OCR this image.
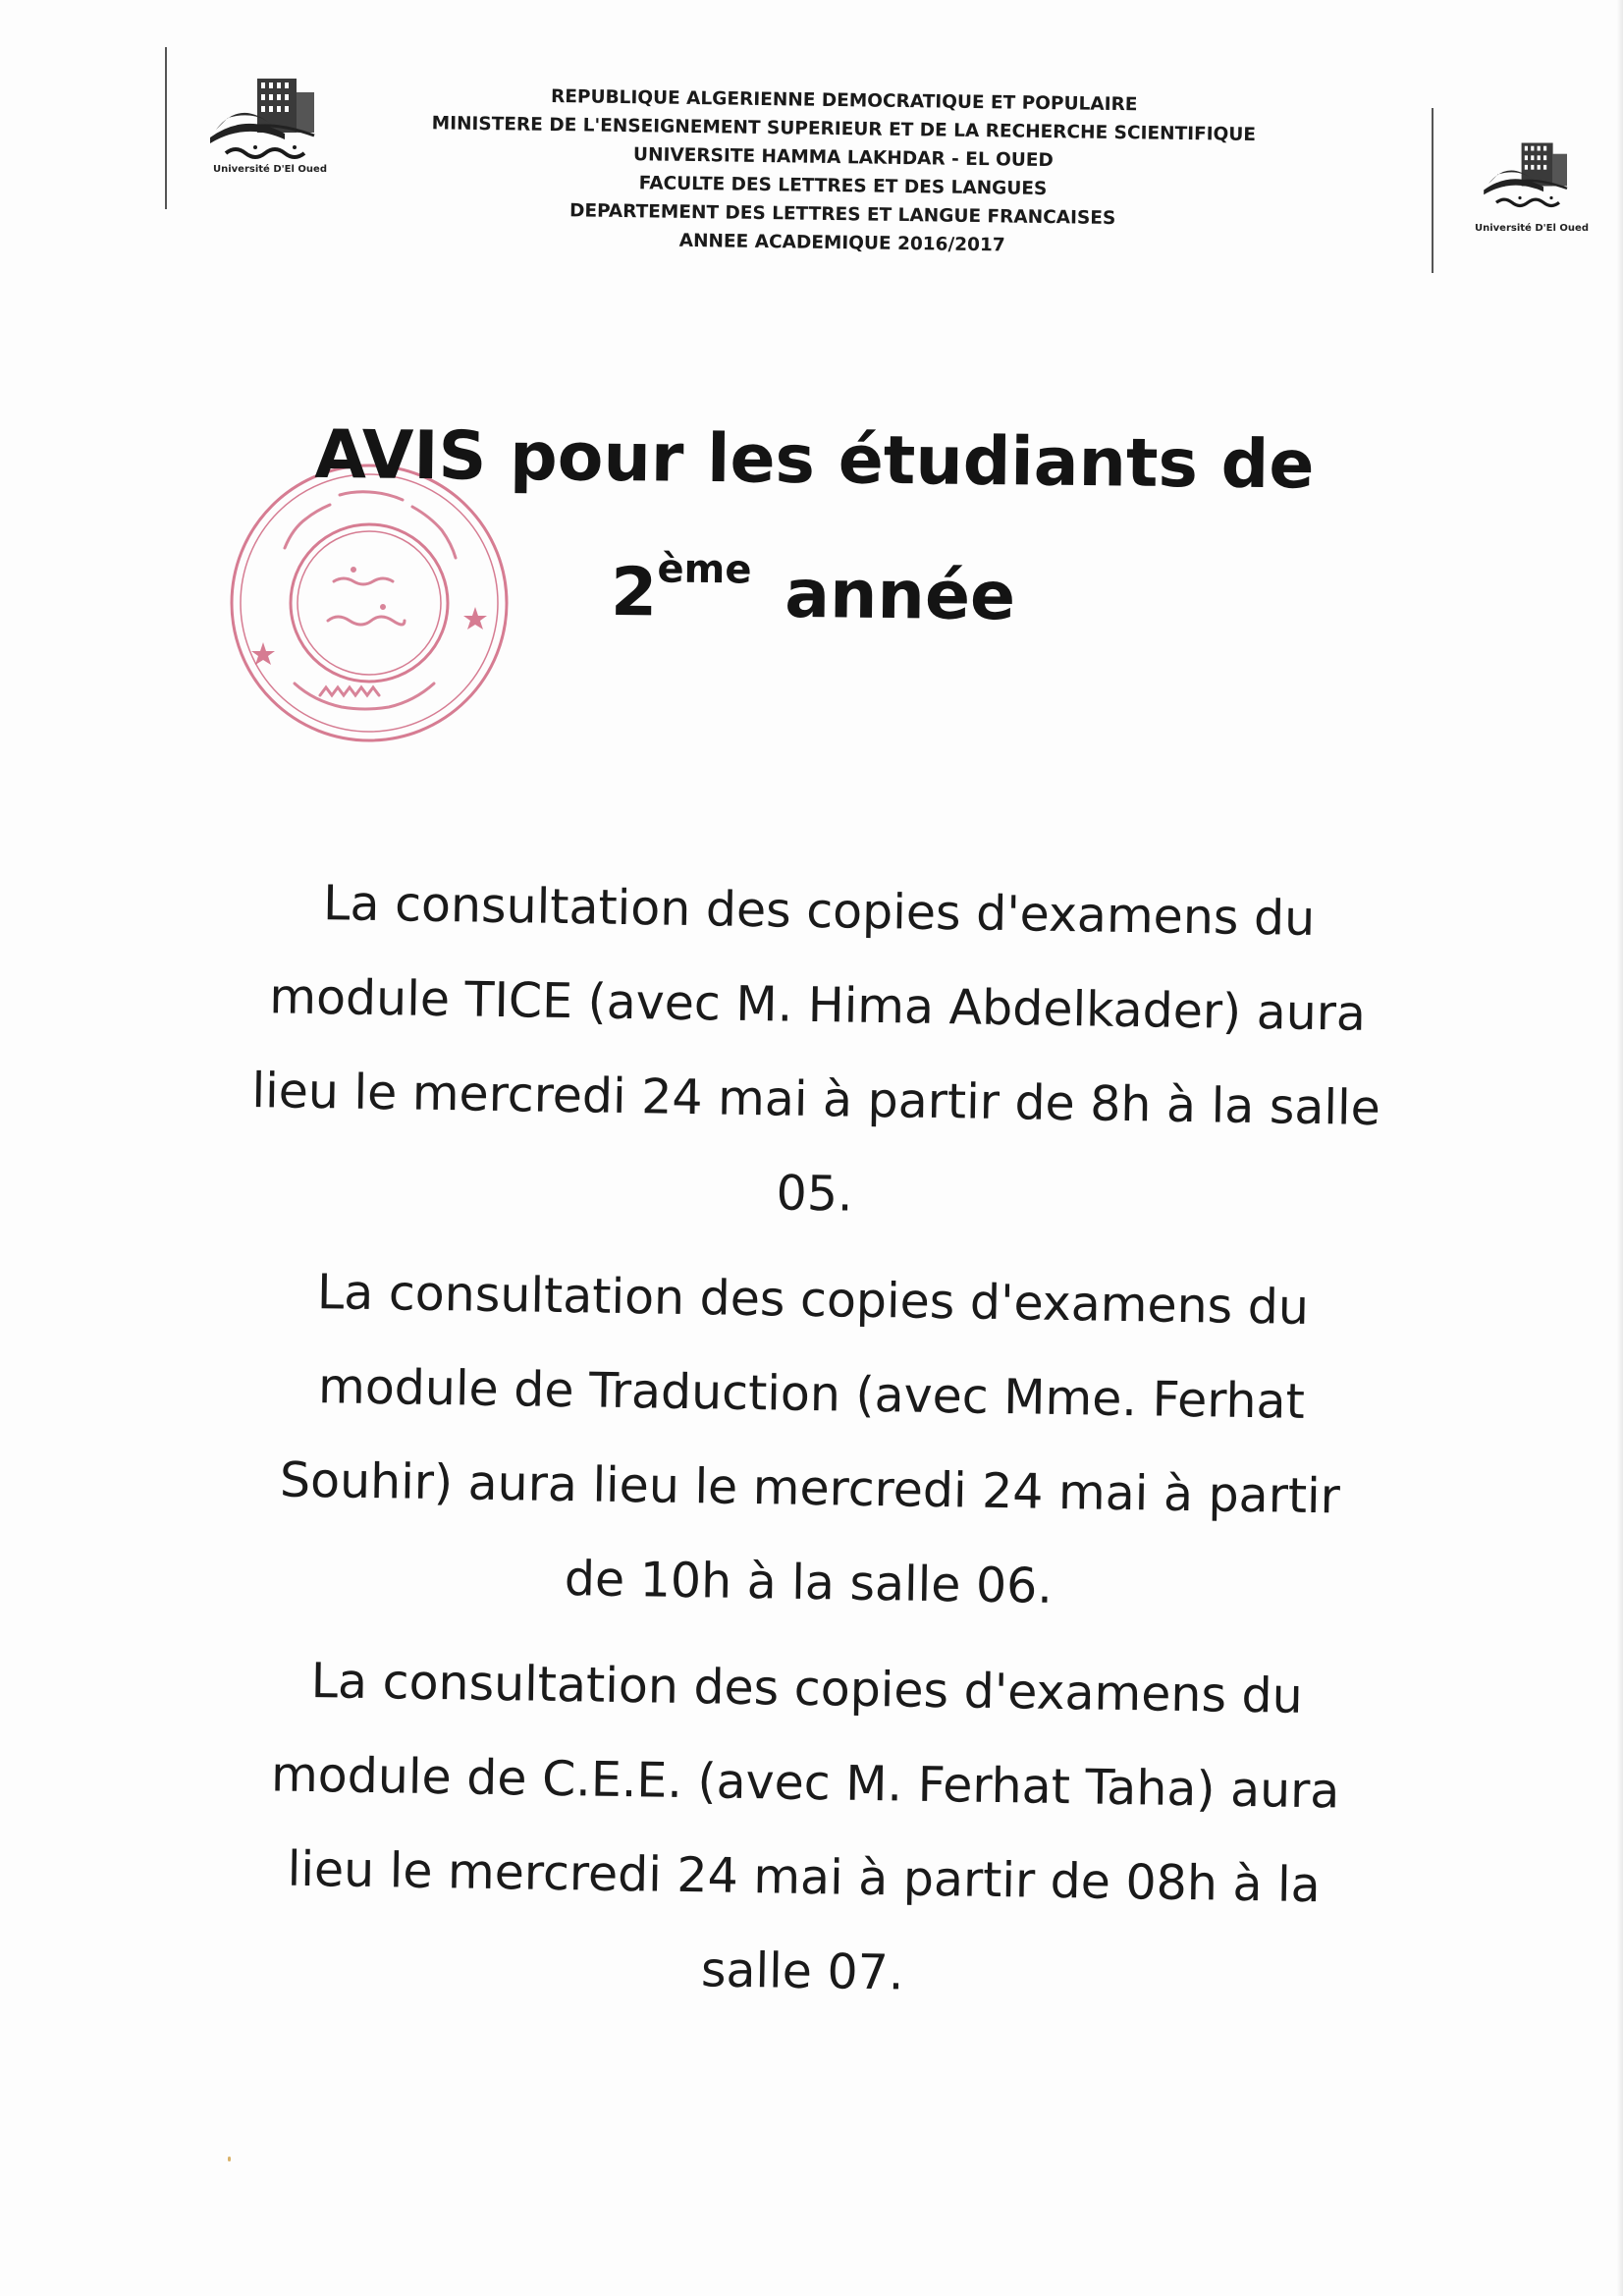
Université D'El Oued
Université D'El Oued
REPUBLIQUE ALGERIENNE DEMOCRATIQUE ET POPULAIRE
MINISTERE DE L'ENSEIGNEMENT SUPERIEUR ET DE LA RECHERCHE SCIENTIFIQUE
UNIVERSITE HAMMA LAKHDAR - EL OUED
FACULTE DES LETTRES ET DES LANGUES
DEPARTEMENT DES LETTRES ET LANGUE FRANCAISES
ANNEE ACADEMIQUE 2016/2017
AVIS pour les étudiants de
2ème année
La consultation des copies d'examens du
module TICE (avec M. Hima Abdelkader) aura
lieu le mercredi 24 mai à partir de 8h à la salle
05.
La consultation des copies d'examens du
module de Traduction (avec Mme. Ferhat
Souhir) aura lieu le mercredi 24 mai à partir
de 10h à la salle 06.
La consultation des copies d'examens du
module de C.E.E. (avec M. Ferhat Taha) aura
lieu le mercredi 24 mai à partir de 08h à la
salle 07.
